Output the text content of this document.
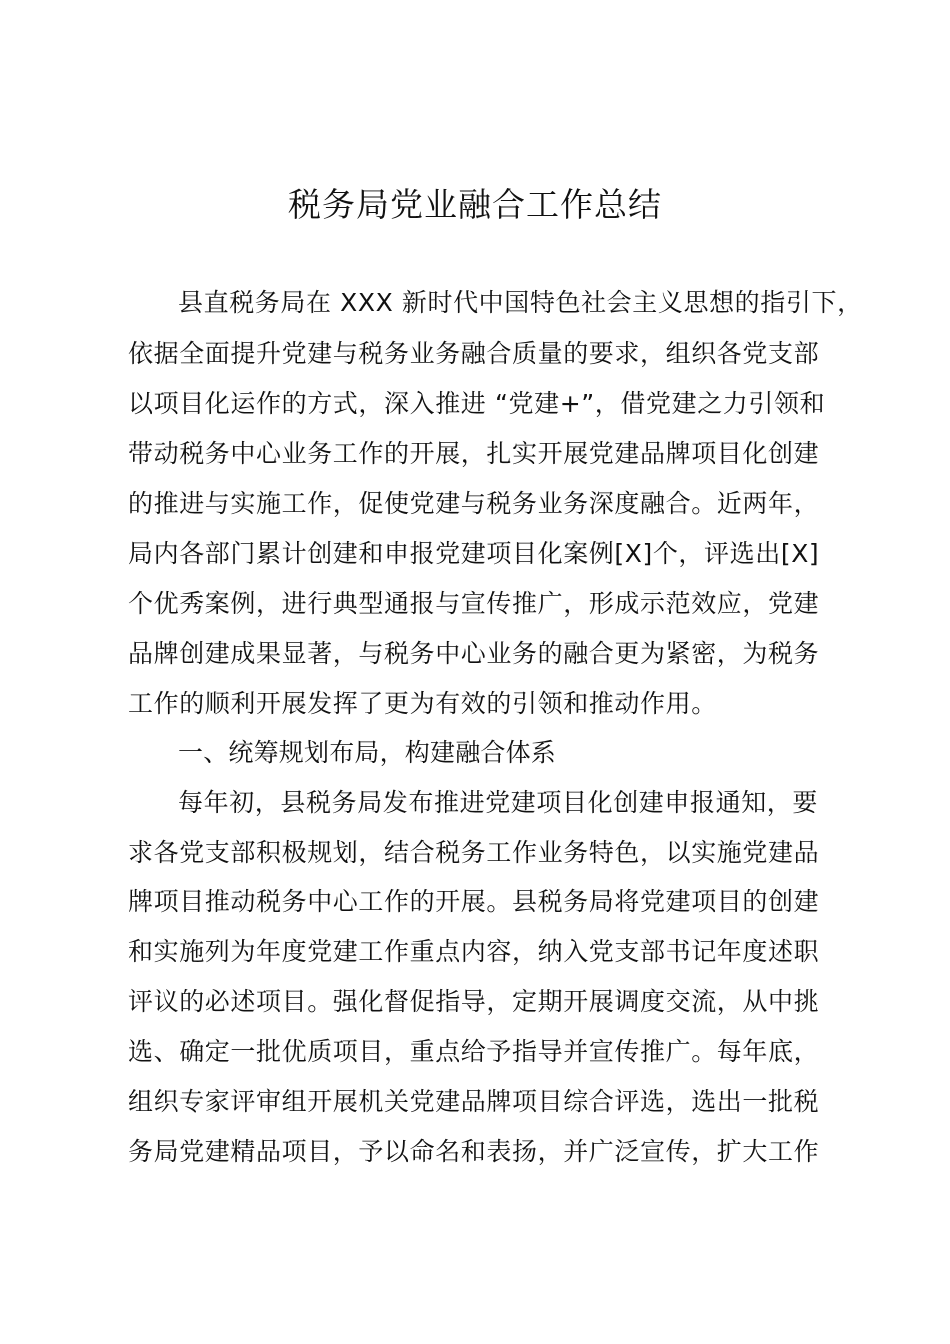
税务局党业融合工作总结
县直税务局在 XXX 新时代中国特色社会主义思想的指引下，
依据全面提升党建与税务业务融合质量的要求，组织各党支部
以项目化运作的方式，深入推进 “党建+”，借党建之力引领和
带动税务中心业务工作的开展，扎实开展党建品牌项目化创建
的推进与实施工作，促使党建与税务业务深度融合。近两年，
局内各部门累计创建和申报党建项目化案例[X]个，评选出[X]
个优秀案例，进行典型通报与宣传推广，形成示范效应，党建
品牌创建成果显著，与税务中心业务的融合更为紧密，为税务
工作的顺利开展发挥了更为有效的引领和推动作用。
一、统筹规划布局，构建融合体系
每年初，县税务局发布推进党建项目化创建申报通知，要
求各党支部积极规划，结合税务工作业务特色，以实施党建品
牌项目推动税务中心工作的开展。县税务局将党建项目的创建
和实施列为年度党建工作重点内容，纳入党支部书记年度述职
评议的必述项目。强化督促指导，定期开展调度交流，从中挑
选、确定一批优质项目，重点给予指导并宣传推广。每年底，
组织专家评审组开展机关党建品牌项目综合评选，选出一批税
务局党建精品项目，予以命名和表扬，并广泛宣传，扩大工作
